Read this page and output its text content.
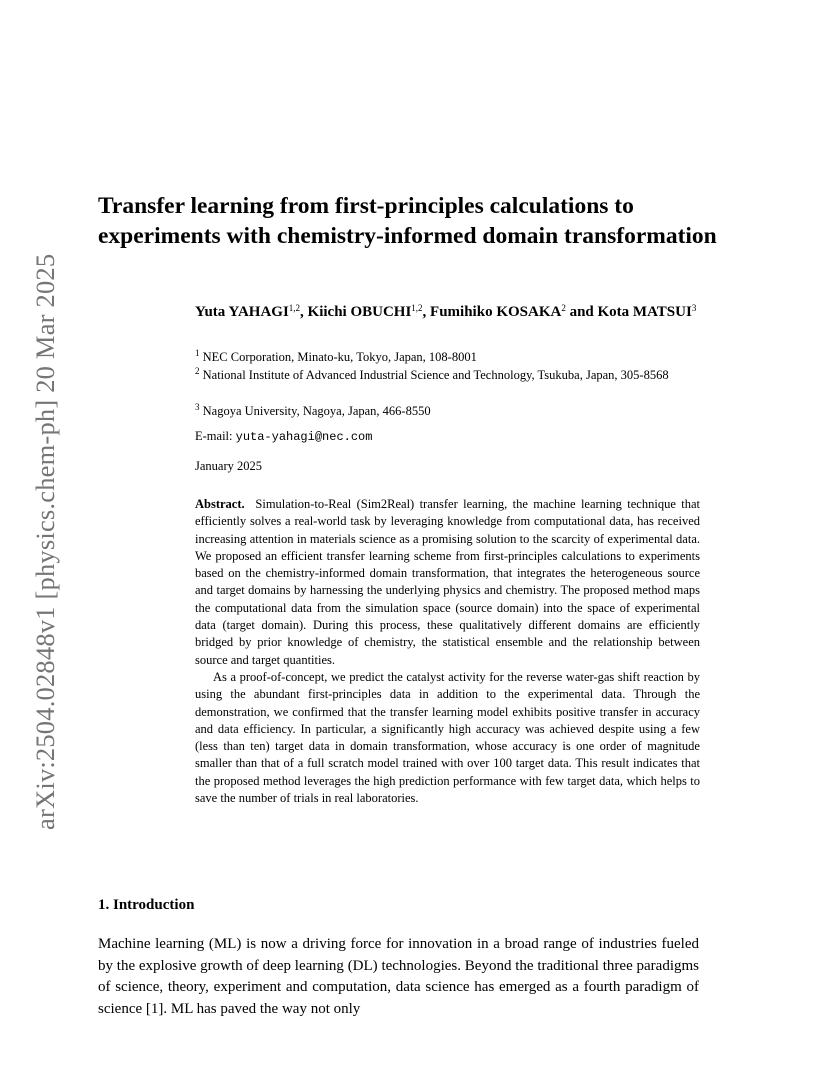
arXiv:2504.02848v1 [physics.chem-ph] 20 Mar 2025
Transfer learning from first-principles calculations to experiments with chemistry-informed domain transformation
Yuta YAHAGI$^{1,2}$, Kiichi OBUCHI$^{1,2}$, Fumihiko KOSAKA$^2$ and Kota MATSUI$^3$
$^1$ NEC Corporation, Minato-ku, Tokyo, Japan, 108-8001
$^2$ National Institute of Advanced Industrial Science and Technology, Tsukuba, Japan, 305-8568
$^3$ Nagoya University, Nagoya, Japan, 466-8550
E-mail: yuta-yahagi@nec.com
January 2025

Abstract. Simulation-to-Real (Sim2Real) transfer learning, the machine learning technique that efficiently solves a real-world task by leveraging knowledge from computational data, has received increasing attention in materials science as a promising solution to the scarcity of experimental data. We proposed an efficient transfer learning scheme from first-principles calculations to experiments based on the chemistry-informed domain transformation, that integrates the heterogeneous source and target domains by harnessing the underlying physics and chemistry. The proposed method maps the computational data from the simulation space (source domain) into the space of experimental data (target domain). During this process, these qualitatively different domains are efficiently bridged by prior knowledge of chemistry, the statistical ensemble and the relationship between source and target quantities.

As a proof-of-concept, we predict the catalyst activity for the reverse water-gas shift reaction by using the abundant first-principles data in addition to the experimental data. Through the demonstration, we confirmed that the transfer learning model exhibits positive transfer in accuracy and data efficiency. In particular, a significantly high accuracy was achieved despite using a few (less than ten) target data in domain transformation, whose accuracy is one order of magnitude smaller than that of a full scratch model trained with over 100 target data. This result indicates that the proposed method leverages the high prediction performance with few target data, which helps to save the number of trials in real laboratories.

1. Introduction

Machine learning (ML) is now a driving force for innovation in a broad range of industries fueled by the explosive growth of deep learning (DL) technologies. Beyond the traditional three paradigms of science, theory, experiment and computation, data science has emerged as a fourth paradigm of science [1]. ML has paved the way not only
